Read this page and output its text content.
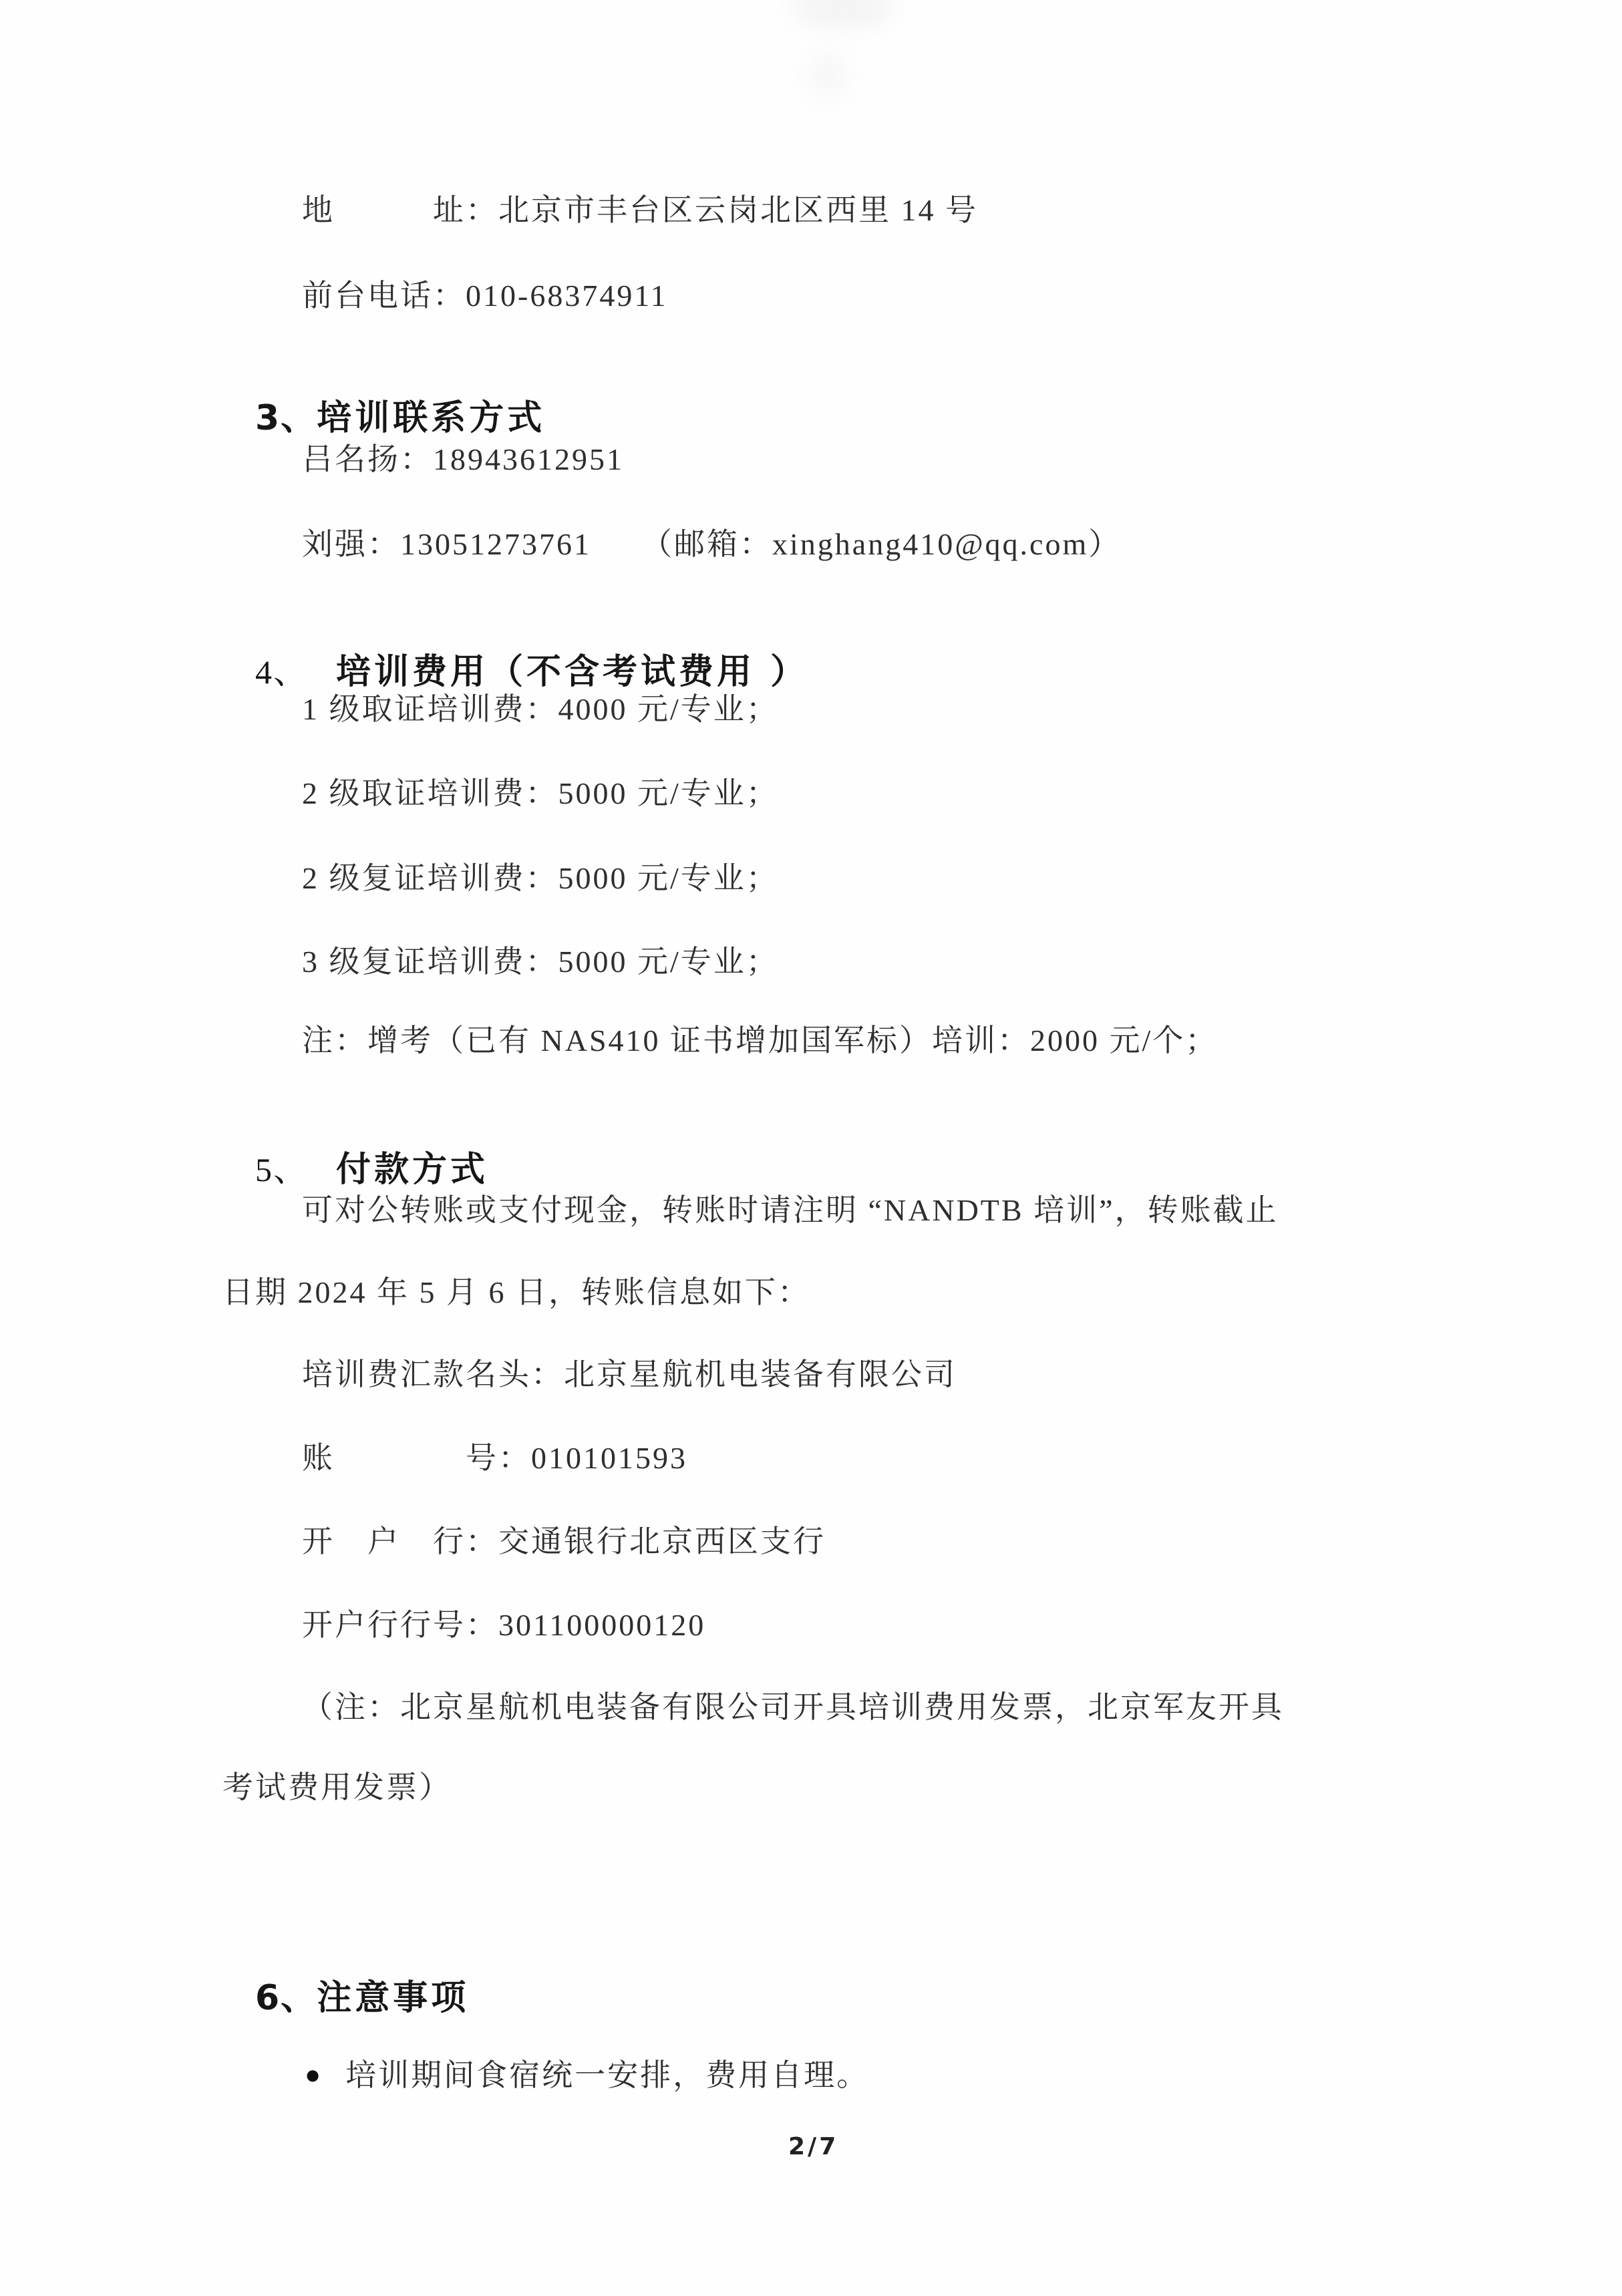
地　　　址：北京市丰台区云岗北区西里 14 号
前台电话：010-68374911

3、培训联系方式

吕名扬：18943612951
刘强：13051273761　　（邮箱：xinghang410@qq.com）

4、 培训费用（不含考试费用 ）

1 级取证培训费：4000 元/专业；
2 级取证培训费：5000 元/专业；
2 级复证培训费：5000 元/专业；
3 级复证培训费：5000 元/专业；
注：增考（已有 NAS410 证书增加国军标）培训：2000 元/个；

5、 付款方式

可对公转账或支付现金，转账时请注明 “NANDTB 培训”，转账截止
日期 2024 年 5 月 6 日，转账信息如下：
培训费汇款名头：北京星航机电装备有限公司
账　　　　号：010101593
开　户　行：交通银行北京西区支行
开户行行号：301100000120
（注：北京星航机电装备有限公司开具培训费用发票，北京军友开具
考试费用发票）

6、注意事项

● 培训期间食宿统一安排，费用自理。

2/7
